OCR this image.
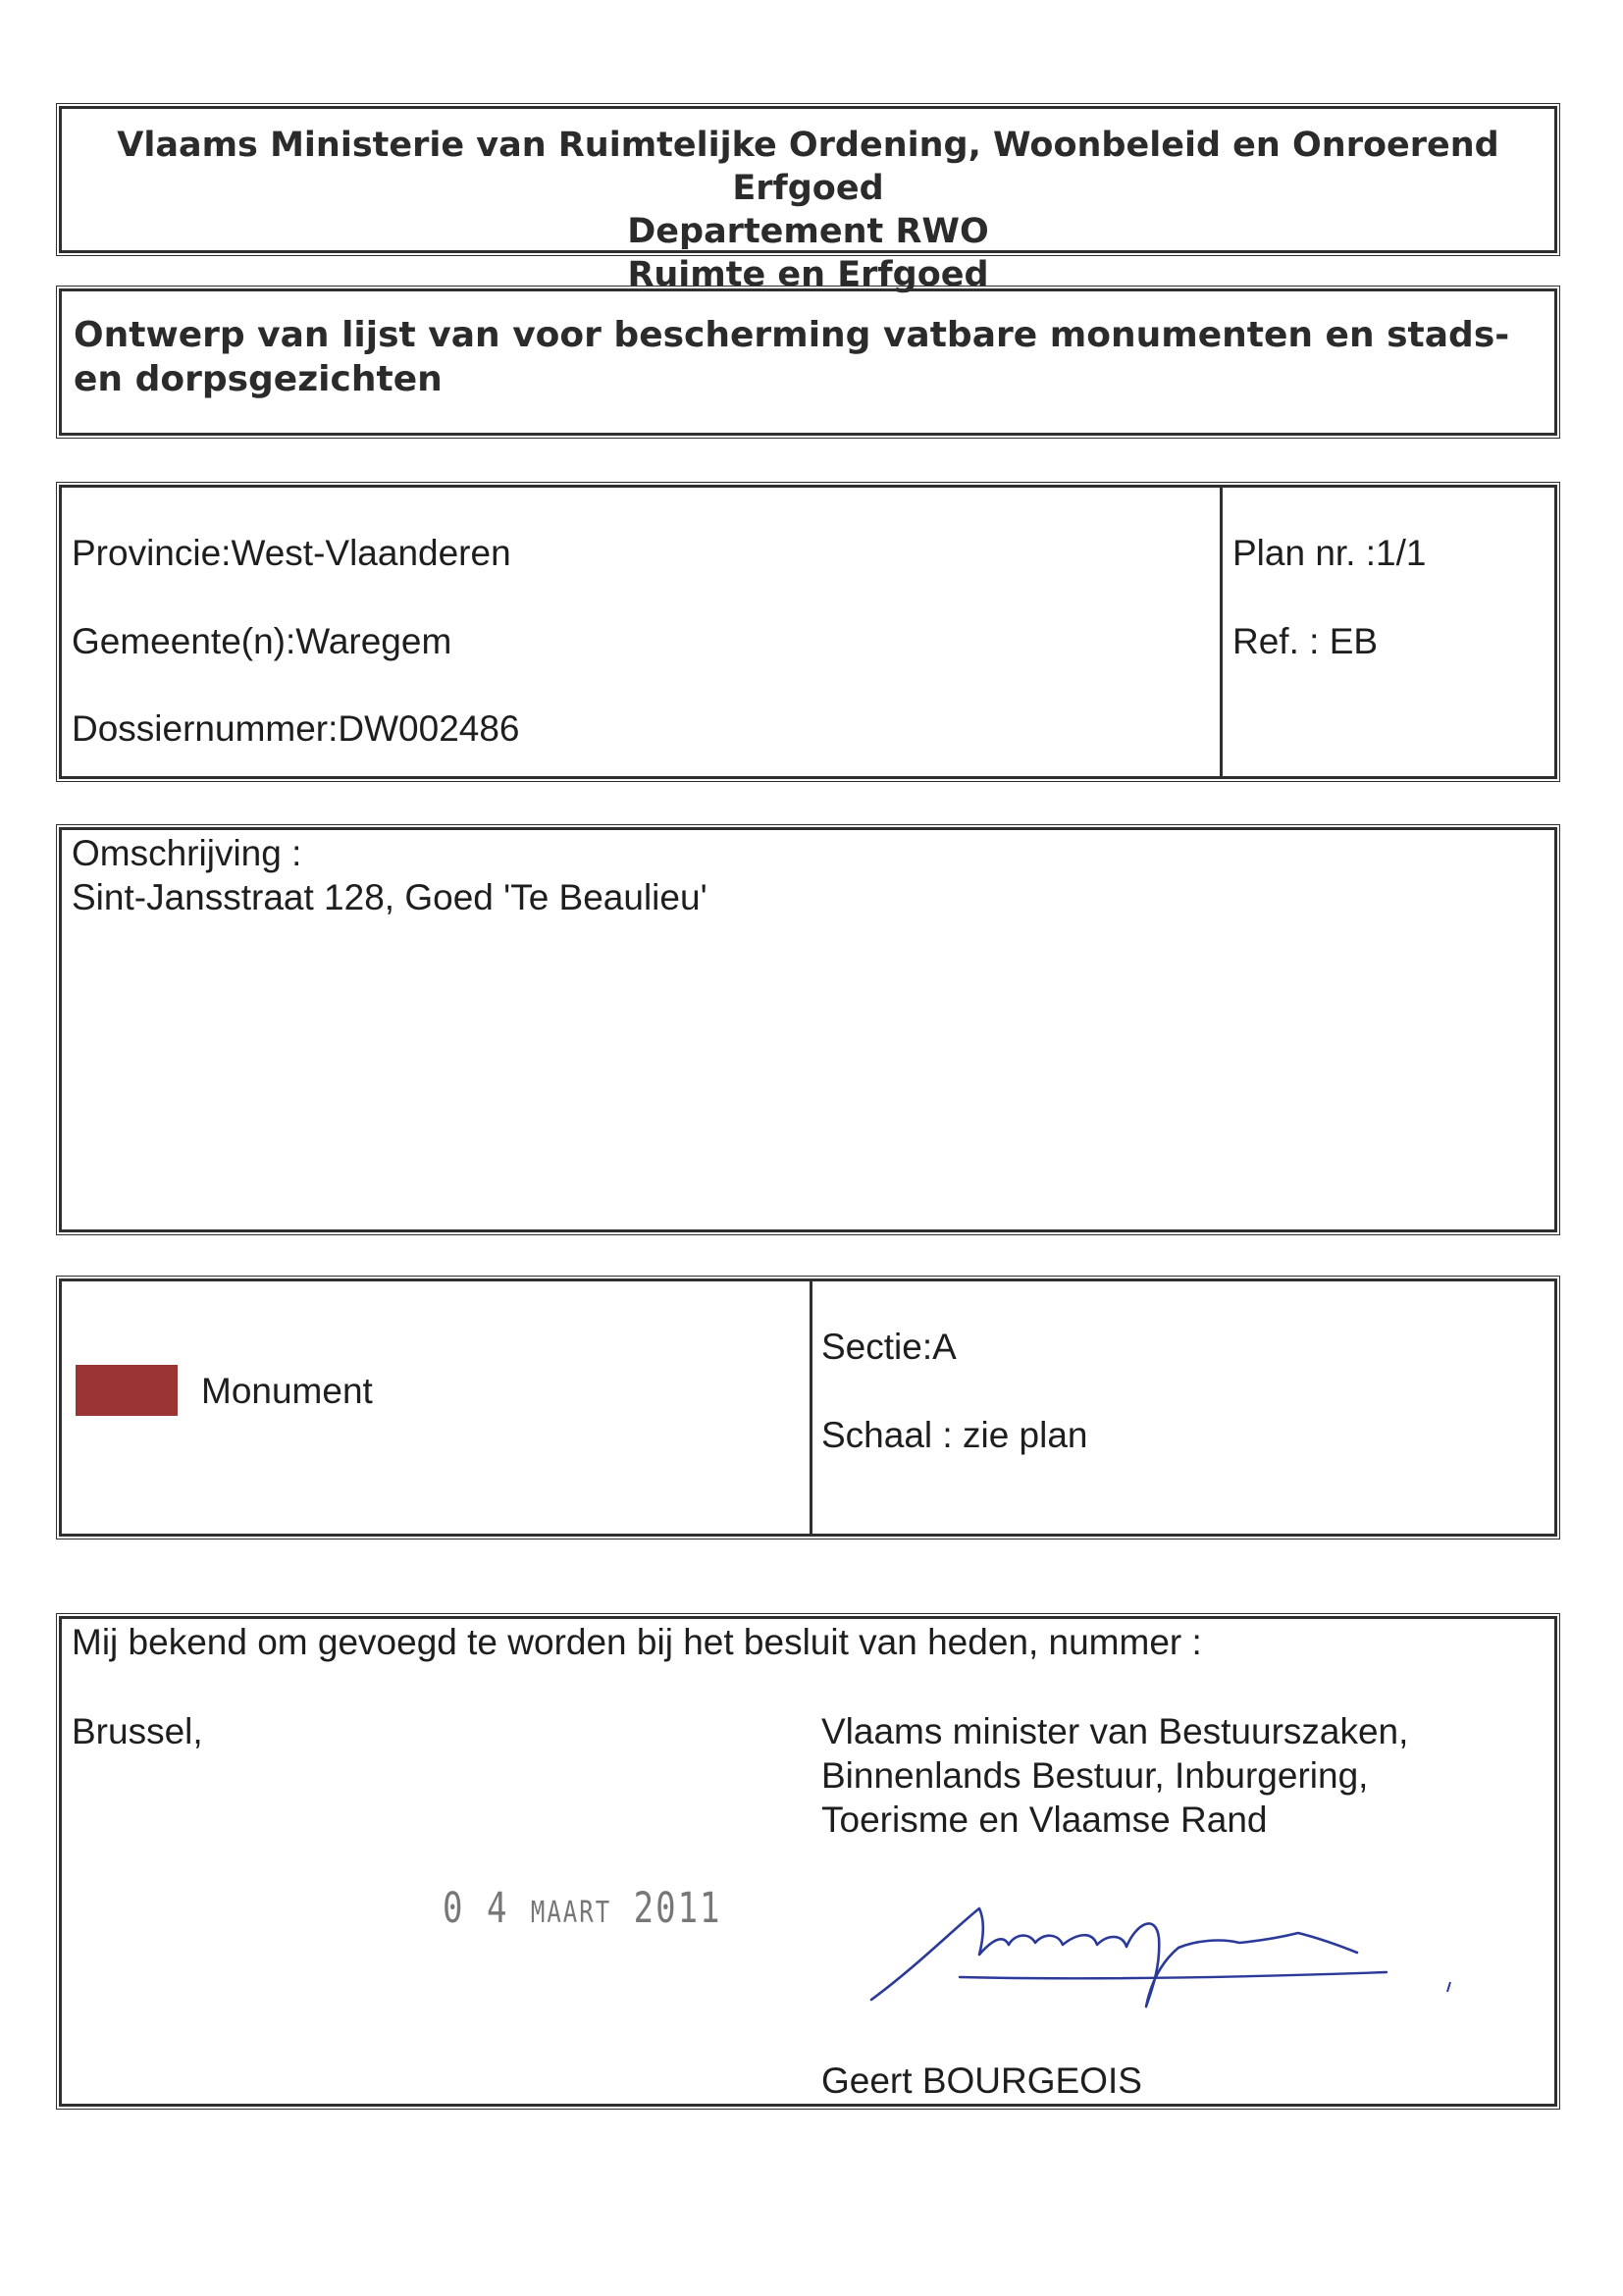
Vlaams Ministerie van Ruimtelijke Ordening, Woonbeleid en Onroerend Erfgoed
Departement RWO
Ruimte en Erfgoed
Ontwerp van lijst van voor bescherming vatbare monumenten en stads- en dorpsgezichten
Provincie:West-Vlaanderen
Gemeente(n):Waregem
Dossiernummer:DW002486
Plan nr. :1/1
Ref. : EB
Omschrijving :
Sint-Jansstraat 128, Goed 'Te Beaulieu'
Monument
Sectie:A
Schaal : zie plan
Mij bekend om gevoegd te worden bij het besluit van heden, nummer :
Brussel,	Vlaams minister van Bestuurszaken,
Binnenlands Bestuur, Inburgering,
Toerisme en Vlaamse Rand
0 4 MAART 2011
Geert BOURGEOIS
